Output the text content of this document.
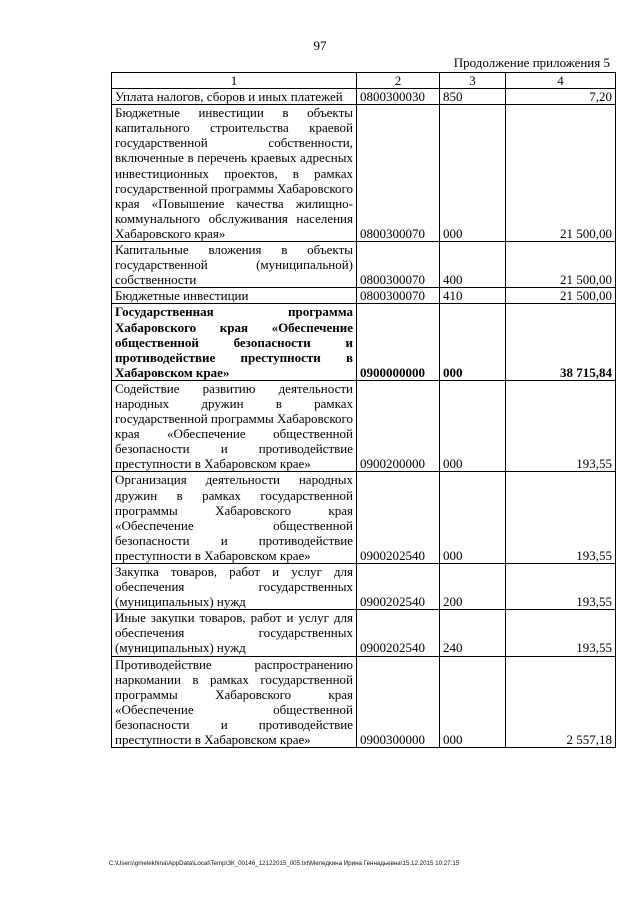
97
Продолжение приложения 5
1	2	3	4
Уплата налогов, сборов и иных платежей	0800300030	850	7,20
Бюджетные инвестиции в объекты капитального строительства краевой государственной собственности, включенные в перечень краевых адресных инвестиционных проектов, в рамках государственной программы Хабаровского края «Повышение качества жилищно-коммунального обслуживания населения Хабаровского края»	0800300070	000	21 500,00
Капитальные вложения в объекты государственной (муниципальной) собственности	0800300070	400	21 500,00
Бюджетные инвестиции	0800300070	410	21 500,00
Государственная программа Хабаровского края «Обеспечение общественной безопасности и противодействие преступности в Хабаровском крае»	0900000000	000	38 715,84
Содействие развитию деятельности народных дружин в рамках государственной программы Хабаровского края «Обеспечение общественной безопасности и противодействие преступности в Хабаровском крае»	0900200000	000	193,55
Организация деятельности народных дружин в рамках государственной программы Хабаровского края «Обеспечение общественной безопасности и противодействие преступности в Хабаровском крае»	0900202540	000	193,55
Закупка товаров, работ и услуг для обеспечения государственных (муниципальных) нужд	0900202540	200	193,55
Иные закупки товаров, работ и услуг для обеспечения государственных (муниципальных) нужд	0900202540	240	193,55
Противодействие распространению наркомании в рамках государственной программы Хабаровского края «Обеспечение общественной безопасности и противодействие преступности в Хабаровском крае»	0900300000	000	2 557,18
C:\Users\gmelekhina\AppData\Local\Temp\ЗК_00146_12122015_005.txt\Меледкина Ирина Геннадьевна\15.12.2015 10:27:15
